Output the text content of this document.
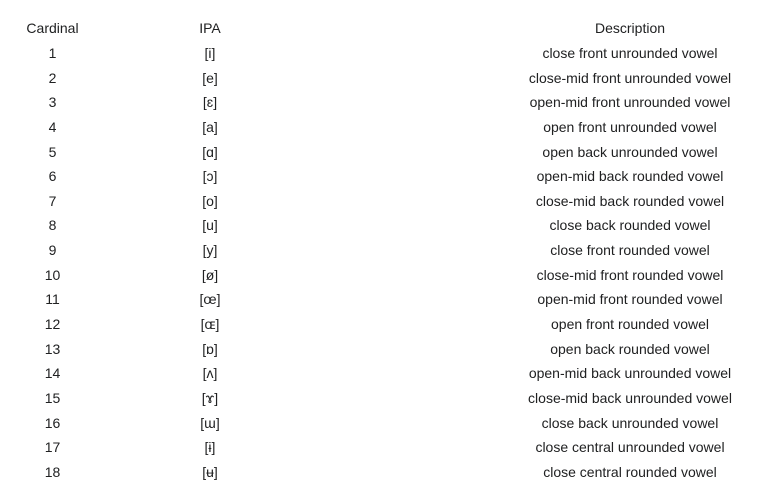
Cardinal	IPA	Description
1	[i]	close front unrounded vowel
2	[e]	close-mid front unrounded vowel
3	[ɛ]	open-mid front unrounded vowel
4	[a]	open front unrounded vowel
5	[ɑ]	open back unrounded vowel
6	[ɔ]	open-mid back rounded vowel
7	[o]	close-mid back rounded vowel
8	[u]	close back rounded vowel
9	[y]	close front rounded vowel
10	[ø]	close-mid front rounded vowel
11	[œ]	open-mid front rounded vowel
12	[ɶ]	open front rounded vowel
13	[ɒ]	open back rounded vowel
14	[ʌ]	open-mid back unrounded vowel
15	[ɤ]	close-mid back unrounded vowel
16	[ɯ]	close back unrounded vowel
17	[ɨ]	close central unrounded vowel
18	[ʉ]	close central rounded vowel
